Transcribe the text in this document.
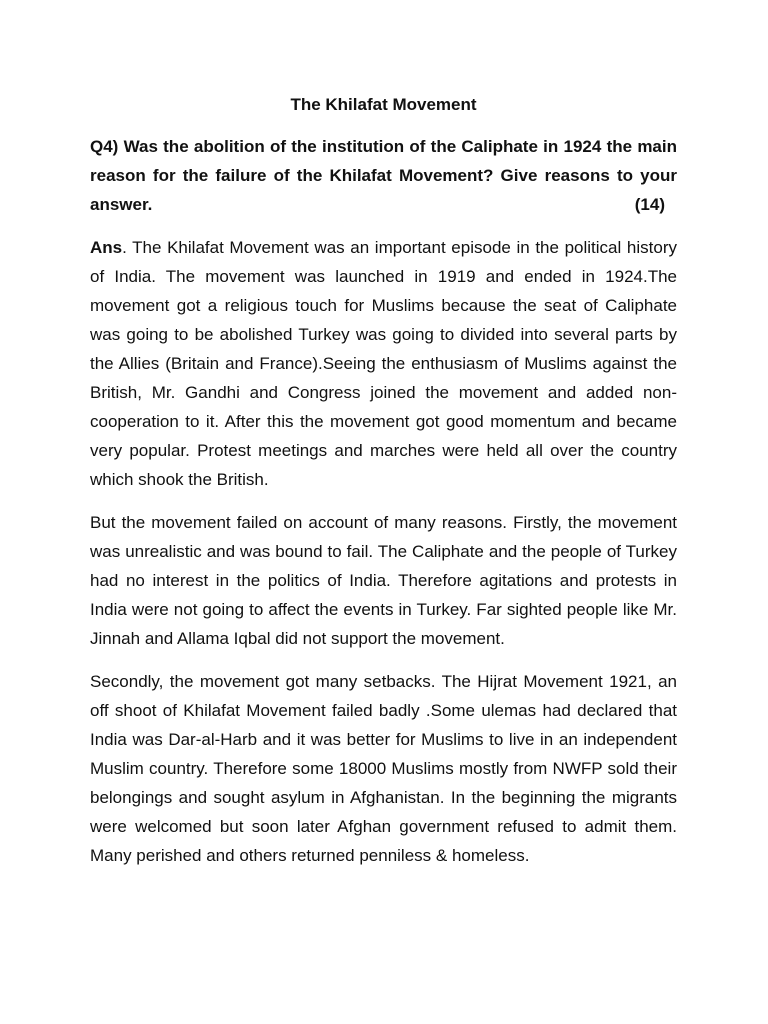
The Khilafat Movement
Q4) Was the abolition of the institution of the Caliphate in 1924 the main reason for the failure of the Khilafat Movement? Give reasons to your answer.	(14)
Ans. The Khilafat Movement was an important episode in the political history of India. The movement was launched in 1919 and ended in 1924.The movement got a religious touch for Muslims because the seat of Caliphate was going to be abolished Turkey was going to divided into several parts by the Allies (Britain and France).Seeing the enthusiasm of Muslims against the British, Mr. Gandhi and Congress joined the movement and added non-cooperation to it. After this the movement got good momentum and became very popular. Protest meetings and marches were held all over the country which shook the British.
But the movement failed on account of many reasons. Firstly, the movement was unrealistic and was bound to fail. The Caliphate and the people of Turkey had no interest in the politics of India. Therefore agitations and protests in India were not going to affect the events in Turkey. Far sighted people like Mr. Jinnah and Allama Iqbal did not support the movement.
Secondly, the movement got many setbacks. The Hijrat Movement 1921, an off shoot of Khilafat Movement failed badly .Some ulemas had declared that India was Dar-al-Harb and it was better for Muslims to live in an independent Muslim country. Therefore some 18000 Muslims mostly from NWFP sold their belongings and sought asylum in Afghanistan. In the beginning the migrants were welcomed but soon later Afghan government refused to admit them. Many perished and others returned penniless & homeless.
